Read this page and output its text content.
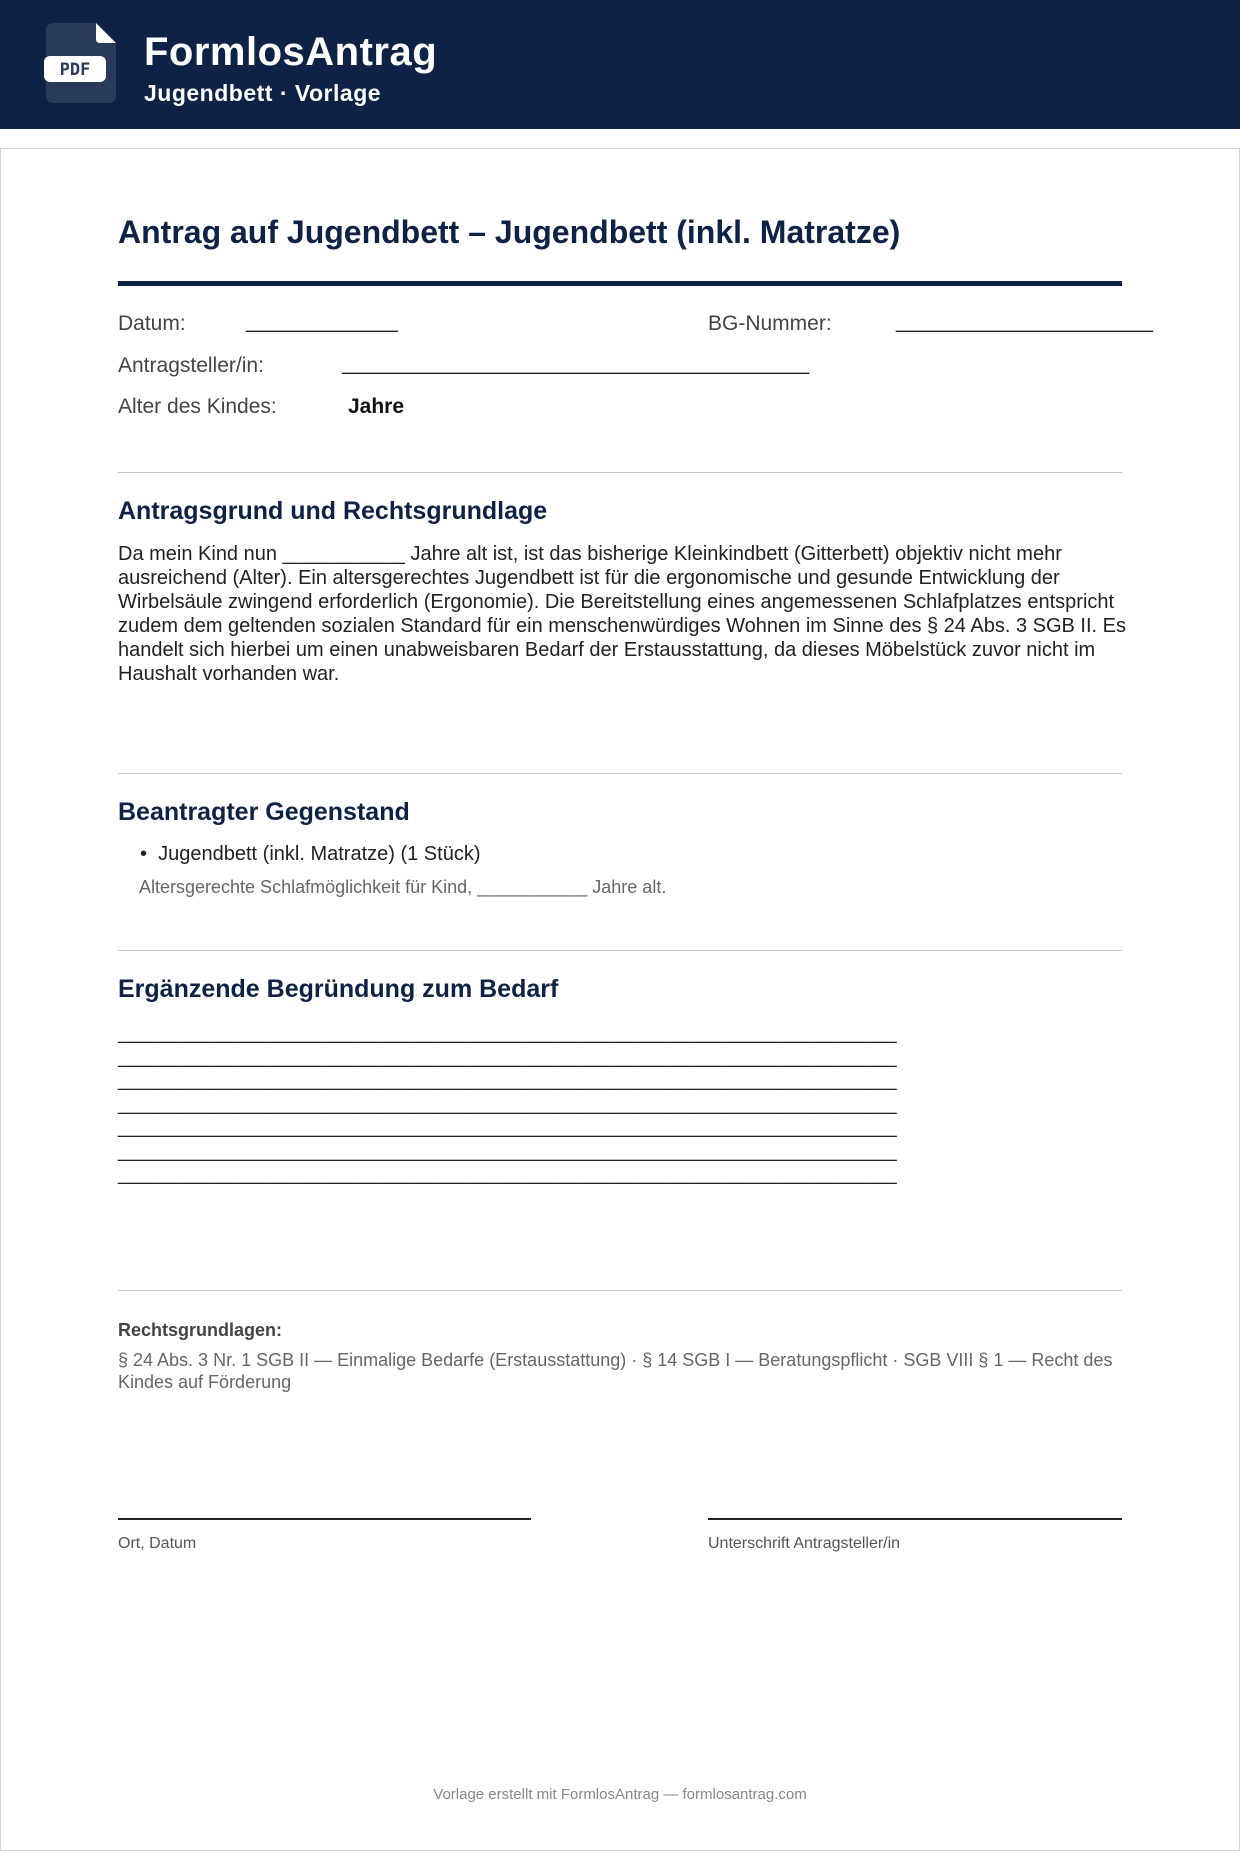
PDF FormlosAntrag
Jugendbett · Vorlage
Antrag auf Jugendbett – Jugendbett (inkl. Matratze)
Datum:	_____________	BG-Nummer:	______________________
Antragsteller/in:	________________________________________
Alter des Kindes:	Jahre
Antragsgrund und Rechtsgrundlage
Da mein Kind nun ___________ Jahre alt ist, ist das bisherige Kleinkindbett (Gitterbett) objektiv nicht mehr ausreichend (Alter). Ein altersgerechtes Jugendbett ist für die ergonomische und gesunde Entwicklung der Wirbelsäule zwingend erforderlich (Ergonomie). Die Bereitstellung eines angemessenen Schlafplatzes entspricht zudem dem geltenden sozialen Standard für ein menschenwürdiges Wohnen im Sinne des § 24 Abs. 3 SGB II. Es handelt sich hierbei um einen unabweisbaren Bedarf der Erstausstattung, da dieses Möbelstück zuvor nicht im Haushalt vorhanden war.
Beantragter Gegenstand
•  Jugendbett (inkl. Matratze) (1 Stück)
Altersgerechte Schlafmöglichkeit für Kind, ___________ Jahre alt.
Ergänzende Begründung zum Bedarf
______________________________________________________________________
______________________________________________________________________
______________________________________________________________________
______________________________________________________________________
______________________________________________________________________
______________________________________________________________________
______________________________________________________________________
Rechtsgrundlagen:
§ 24 Abs. 3 Nr. 1 SGB II — Einmalige Bedarfe (Erstausstattung) · § 14 SGB I — Beratungspflicht · SGB VIII § 1 — Recht des Kindes auf Förderung
Ort, Datum	Unterschrift Antragsteller/in
Vorlage erstellt mit FormlosAntrag — formlosantrag.com
